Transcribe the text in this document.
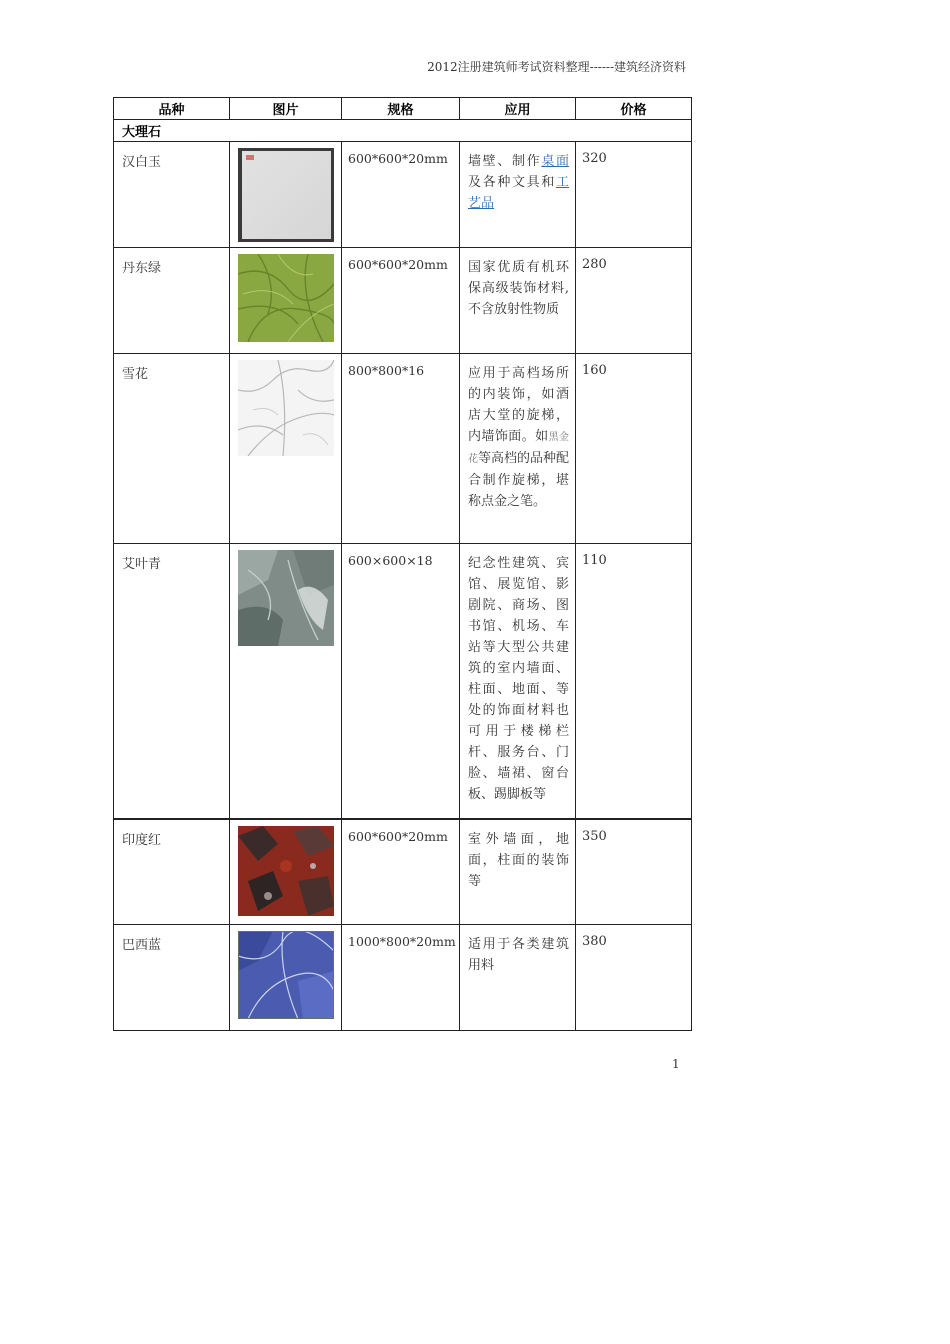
2012注册建筑师考试资料整理------建筑经济资料
品种	图片	规格	应用	价格
大理石				
汉白玉		600*600*20mm	墙壁、制作桌面及各种文具和工艺品	320
丹东绿		600*600*20mm	国家优质有机环保高级装饰材料,不含放射性物质	280
雪花		800*800*16	应用于高档场所的内装饰，如酒店大堂的旋梯，内墙饰面。如黑金花等高档的品种配合制作旋梯，堪称点金之笔。	160
艾叶青		600×600×18	纪念性建筑、宾馆、展览馆、影剧院、商场、图书馆、机场、车站等大型公共建筑的室内墙面、柱面、地面、等处的饰面材料也可用于楼梯栏杆、服务台、门脸、墙裙、窗台板、踢脚板等	110
印度红		600*600*20mm	室外墙面，地面，柱面的装饰等	350
巴西蓝		1000*800*20mm	适用于各类建筑用料	380
1
